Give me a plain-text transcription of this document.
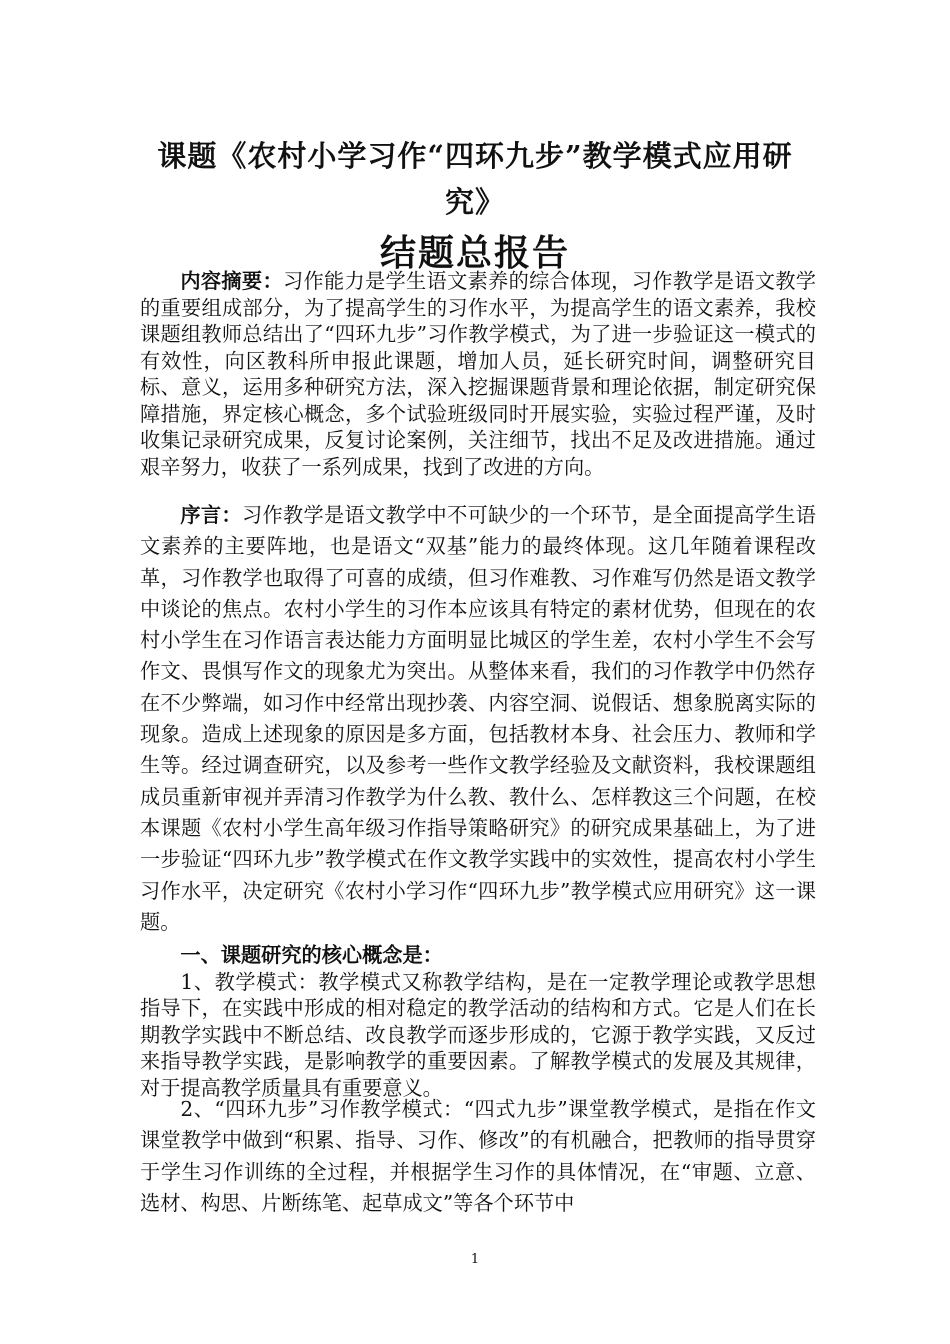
课题《农村小学习作“四环九步”教学模式应用研
究》
结题总报告

内容摘要：习作能力是学生语文素养的综合体现，习作教学是语文教学的重要组成部分，为了提高学生的习作水平，为提高学生的语文素养，我校课题组教师总结出了“四环九步”习作教学模式，为了进一步验证这一模式的有效性，向区教科所申报此课题，增加人员，延长研究时间，调整研究目标、意义，运用多种研究方法，深入挖掘课题背景和理论依据，制定研究保障措施，界定核心概念，多个试验班级同时开展实验，实验过程严谨，及时收集记录研究成果，反复讨论案例，关注细节，找出不足及改进措施。通过艰辛努力，收获了一系列成果，找到了改进的方向。

序言：习作教学是语文教学中不可缺少的一个环节，是全面提高学生语文素养的主要阵地，也是语文“双基”能力的最终体现。这几年随着课程改革，习作教学也取得了可喜的成绩，但习作难教、习作难写仍然是语文教学中谈论的焦点。农村小学生的习作本应该具有特定的素材优势，但现在的农村小学生在习作语言表达能力方面明显比城区的学生差，农村小学生不会写作文、畏惧写作文的现象尤为突出。从整体来看，我们的习作教学中仍然存在不少弊端，如习作中经常出现抄袭、内容空洞、说假话、想象脱离实际的现象。造成上述现象的原因是多方面，包括教材本身、社会压力、教师和学生等。经过调查研究，以及参考一些作文教学经验及文献资料，我校课题组成员重新审视并弄清习作教学为什么教、教什么、怎样教这三个问题，在校本课题《农村小学生高年级习作指导策略研究》的研究成果基础上，为了进一步验证“四环九步”教学模式在作文教学实践中的实效性，提高农村小学生习作水平，决定研究《农村小学习作“四环九步”教学模式应用研究》这一课题。

一、课题研究的核心概念是：

1、教学模式：教学模式又称教学结构，是在一定教学理论或教学思想指导下，在实践中形成的相对稳定的教学活动的结构和方式。它是人们在长期教学实践中不断总结、改良教学而逐步形成的，它源于教学实践，又反过来指导教学实践，是影响教学的重要因素。了解教学模式的发展及其规律，对于提高教学质量具有重要意义。

2、“四环九步”习作教学模式：“四式九步”课堂教学模式，是指在作文课堂教学中做到“积累、指导、习作、修改”的有机融合，把教师的指导贯穿于学生习作训练的全过程，并根据学生习作的具体情况，在“审题、立意、选材、构思、片断练笔、起草成文”等各个环节中

1
